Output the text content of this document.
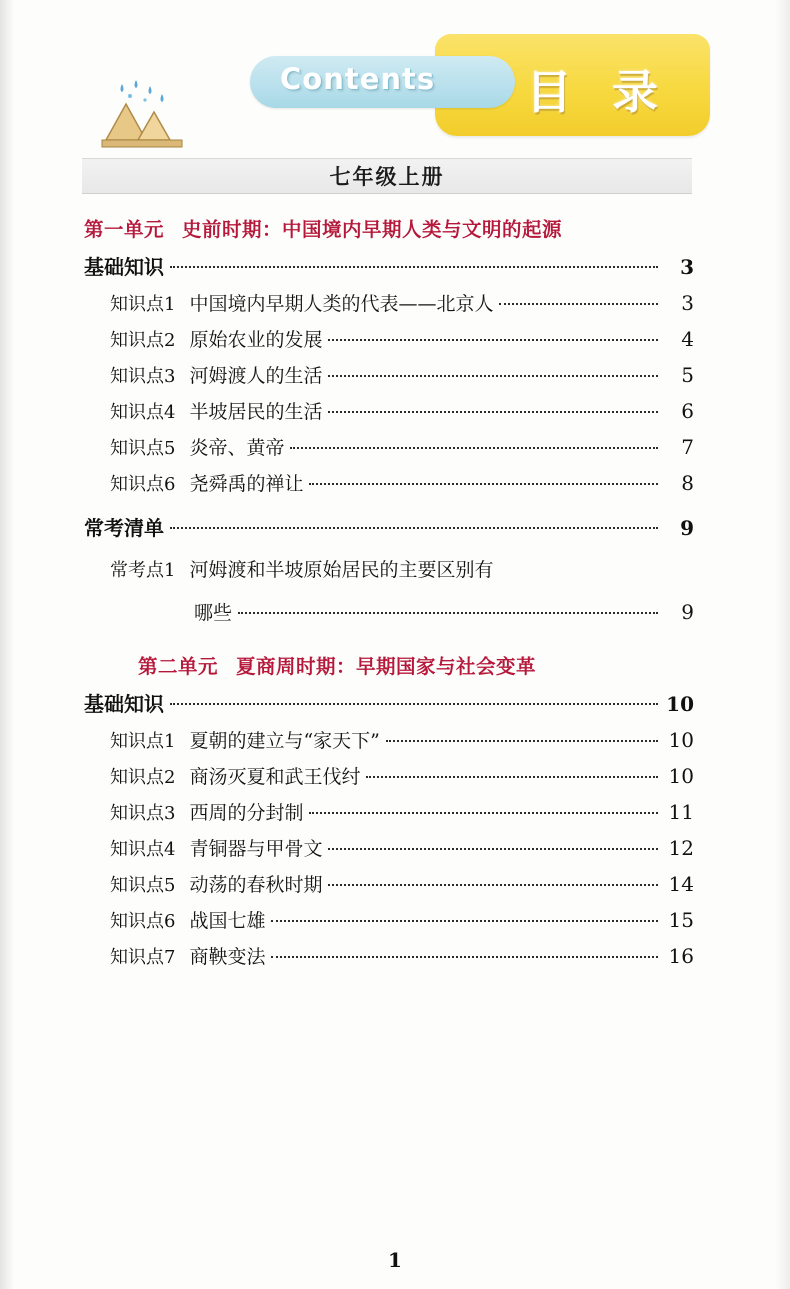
Contents 目 录
七年级上册
第一单元 史前时期：中国境内早期人类与文明的起源
基础知识	3
知识点 1 中国境内早期人类的代表——北京人	3
知识点 2 原始农业的发展	4
知识点 3 河姆渡人的生活	5
知识点 4 半坡居民的生活	6
知识点 5 炎帝、黄帝	7
知识点 6 尧舜禹的禅让	8
常考清单	9
常考点 1 河姆渡和半坡原始居民的主要区别有
哪些	9
第二单元 夏商周时期：早期国家与社会变革
基础知识	10
知识点 1 夏朝的建立与“家天下”	10
知识点 2 商汤灭夏和武王伐纣	10
知识点 3 西周的分封制	11
知识点 4 青铜器与甲骨文	12
知识点 5 动荡的春秋时期	14
知识点 6 战国七雄	15
知识点 7 商鞅变法	16
1
